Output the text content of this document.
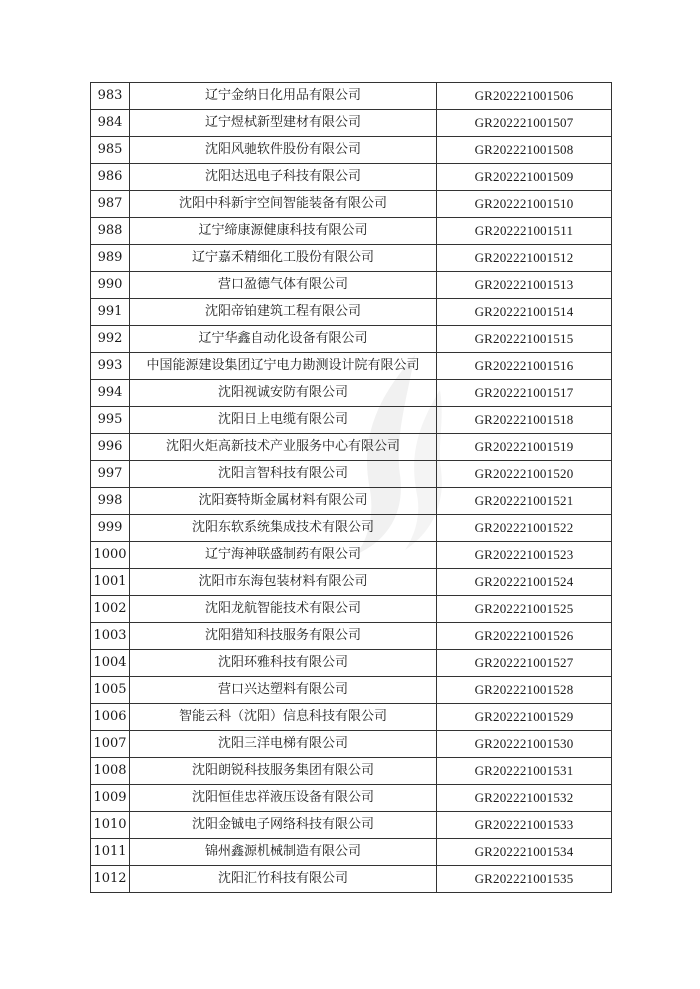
983	辽宁金纳日化用品有限公司	GR202221001506
984	辽宁煜栻新型建材有限公司	GR202221001507
985	沈阳风驰软件股份有限公司	GR202221001508
986	沈阳达迅电子科技有限公司	GR202221001509
987	沈阳中科新宇空间智能装备有限公司	GR202221001510
988	辽宁缔康源健康科技有限公司	GR202221001511
989	辽宁嘉禾精细化工股份有限公司	GR202221001512
990	营口盈德气体有限公司	GR202221001513
991	沈阳帝铂建筑工程有限公司	GR202221001514
992	辽宁华鑫自动化设备有限公司	GR202221001515
993	中国能源建设集团辽宁电力勘测设计院有限公司	GR202221001516
994	沈阳视诚安防有限公司	GR202221001517
995	沈阳日上电缆有限公司	GR202221001518
996	沈阳火炬高新技术产业服务中心有限公司	GR202221001519
997	沈阳言智科技有限公司	GR202221001520
998	沈阳赛特斯金属材料有限公司	GR202221001521
999	沈阳东软系统集成技术有限公司	GR202221001522
1000	辽宁海神联盛制药有限公司	GR202221001523
1001	沈阳市东海包装材料有限公司	GR202221001524
1002	沈阳龙航智能技术有限公司	GR202221001525
1003	沈阳猎知科技服务有限公司	GR202221001526
1004	沈阳环雅科技有限公司	GR202221001527
1005	营口兴达塑料有限公司	GR202221001528
1006	智能云科（沈阳）信息科技有限公司	GR202221001529
1007	沈阳三洋电梯有限公司	GR202221001530
1008	沈阳朗锐科技服务集团有限公司	GR202221001531
1009	沈阳恒佳忠祥液压设备有限公司	GR202221001532
1010	沈阳金铖电子网络科技有限公司	GR202221001533
1011	锦州鑫源机械制造有限公司	GR202221001534
1012	沈阳汇竹科技有限公司	GR202221001535
